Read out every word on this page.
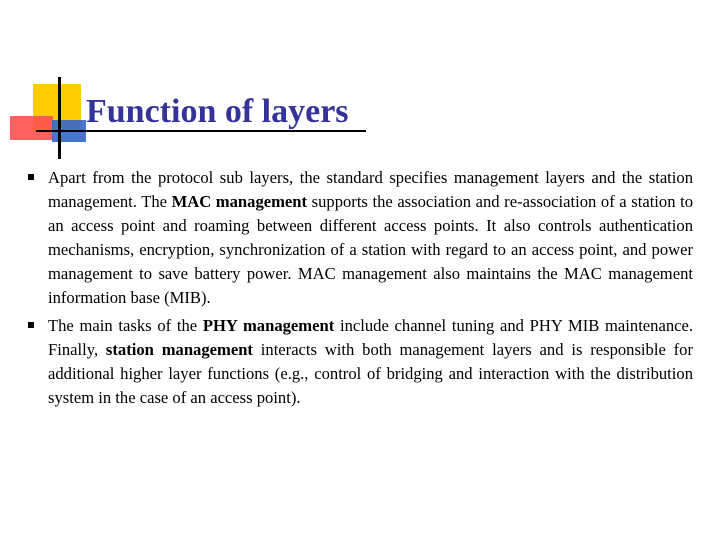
Function of layers

Apart from the protocol sub layers, the standard specifies management layers and the station management. The MAC management supports the association and re-association of a station to an access point and roaming between different access points. It also controls authentication mechanisms, encryption, synchronization of a station with regard to an access point, and power management to save battery power. MAC management also maintains the MAC management information base (MIB).

The main tasks of the PHY management include channel tuning and PHY MIB maintenance. Finally, station management interacts with both management layers and is responsible for additional higher layer functions (e.g., control of bridging and interaction with the distribution system in the case of an access point).
